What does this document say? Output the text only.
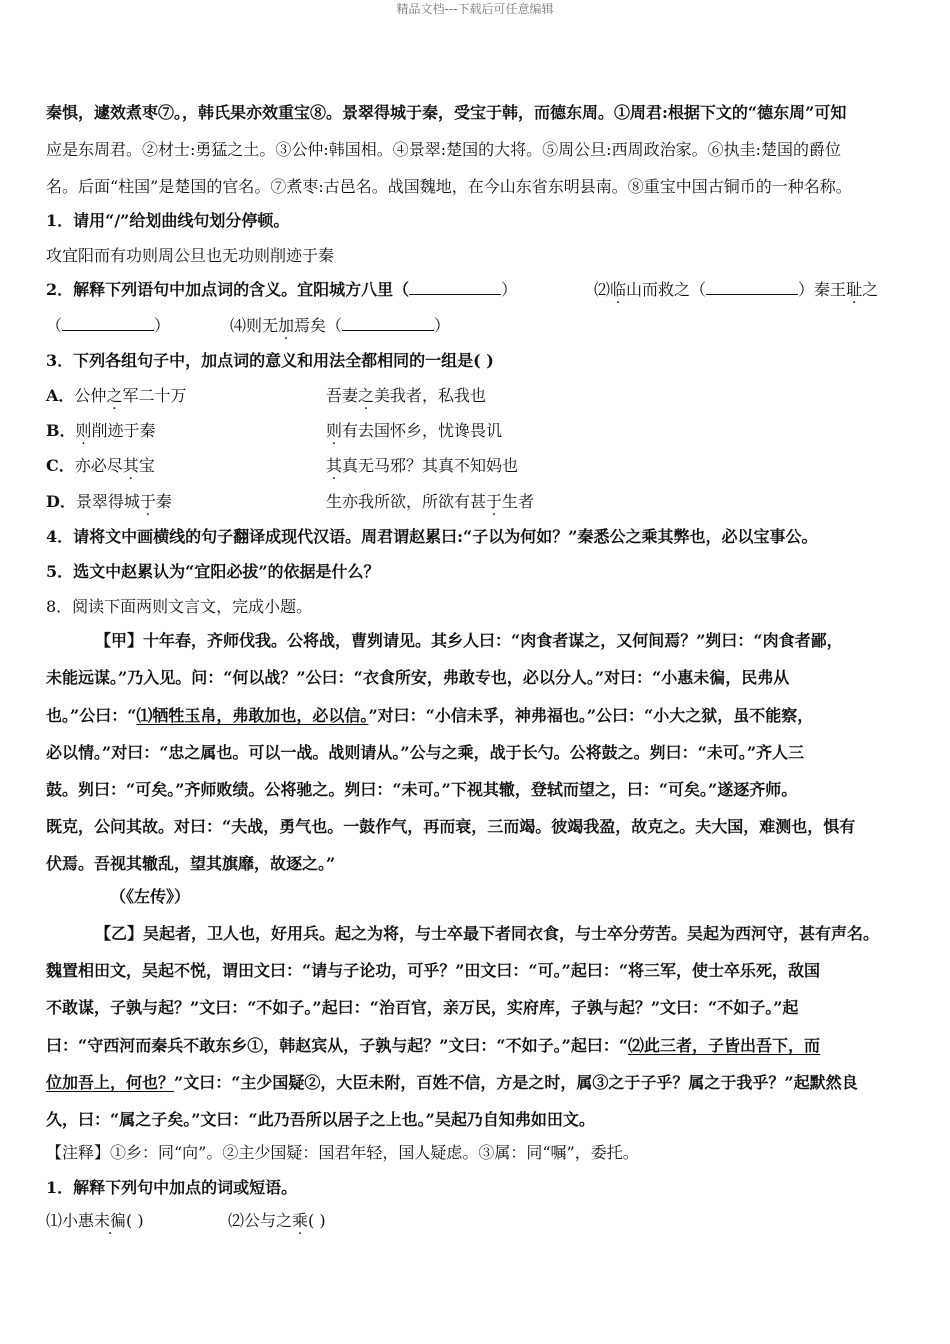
精品文档---下载后可任意编辑
秦惧，遽效煮枣⑦。，韩氏果亦效重宝⑧。景翠得城于秦，受宝于韩，而德东周。①周君:根据下文的“德东周”可知
应是东周君。②材士:勇猛之土。③公仲:韩国相。④景翠:楚国的大将。⑤周公旦:西周政治家。⑥执圭:楚国的爵位
名。后面“柱国”是楚国的官名。⑦煮枣:古邑名。战国魏地，在今山东省东明县南。⑧重宝中国古铜币的一种名称。
1．请用“/”给划曲线句划分停顿。
攻宜阳而有功则周公旦也无功则削迹于秦
2．解释下列语句中加点词的含义。宜阳城方八里（	）	⑵临山而救之（	）秦王耻之
（	）	⑷则无加焉矣（	）
3．下列各组句子中，加点词的意义和用法全都相同的一组是( )
A．公仲之军二十万	吾妻之美我者，私我也
B．则削迹于秦	则有去国怀乡，忧谗畏讥
C．亦必尽其宝	其真无马邪？其真不知妈也
D．景翠得城于秦	生亦我所欲，所欲有甚于生者
4．请将文中画横线的句子翻译成现代汉语。周君谓赵累曰:“子以为何如？”秦悉公之乘其弊也，必以宝事公。
5．选文中赵累认为“宜阳必拔”的依据是什么？
8．阅读下面两则文言文，完成小题。
【甲】十年春，齐师伐我。公将战，曹刿请见。其乡人曰：“肉食者谋之，又何间焉？”刿曰：“肉食者鄙，
未能远谋。”乃入见。问：“何以战？”公曰：“衣食所安，弗敢专也，必以分人。”对曰：“小惠未徧，民弗从
也。”公曰：“⑴牺牲玉帛，弗敢加也，必以信。”对曰：“小信未孚，神弗福也。”公曰：“小大之狱，虽不能察，
必以情。”对曰：“忠之属也。可以一战。战则请从。”公与之乘，战于长勺。公将鼓之。刿曰：“未可。”齐人三
鼓。刿曰：“可矣。”齐师败绩。公将驰之。刿曰：“未可。”下视其辙，登轼而望之，曰：“可矣。”遂逐齐师。
既克，公问其故。对曰：“夫战，勇气也。一鼓作气，再而衰，三而竭。彼竭我盈，故克之。夫大国，难测也，惧有
伏焉。吾视其辙乱，望其旗靡，故逐之。”
（《左传》）
【乙】吴起者，卫人也，好用兵。起之为将，与士卒最下者同衣食，与士卒分劳苦。吴起为西河守，甚有声名。
魏置相田文，吴起不悦，谓田文曰：“请与子论功，可乎？”田文曰：“可。”起曰：“将三军，使士卒乐死，敌国
不敢谋，子孰与起？”文曰：“不如子。”起曰：“治百官，亲万民，实府库，子孰与起？”文曰：“不如子。”起
曰：“守西河而秦兵不敢东乡①，韩赵宾从，子孰与起？”文曰：“不如子。”起曰：“⑵此三者，子皆出吾下，而
位加吾上，何也？”文曰：“主少国疑②，大臣未附，百姓不信，方是之时，属③之于子乎？属之于我乎？”起默然良
久，曰：“属之子矣。”文曰：“此乃吾所以居子之上也。”吴起乃自知弗如田文。
【注释】①乡：同“向”。②主少国疑：国君年轻，国人疑虑。③属：同“嘱”，委托。
1．解释下列句中加点的词或短语。
⑴小惠未徧( )	⑵公与之乘( )
